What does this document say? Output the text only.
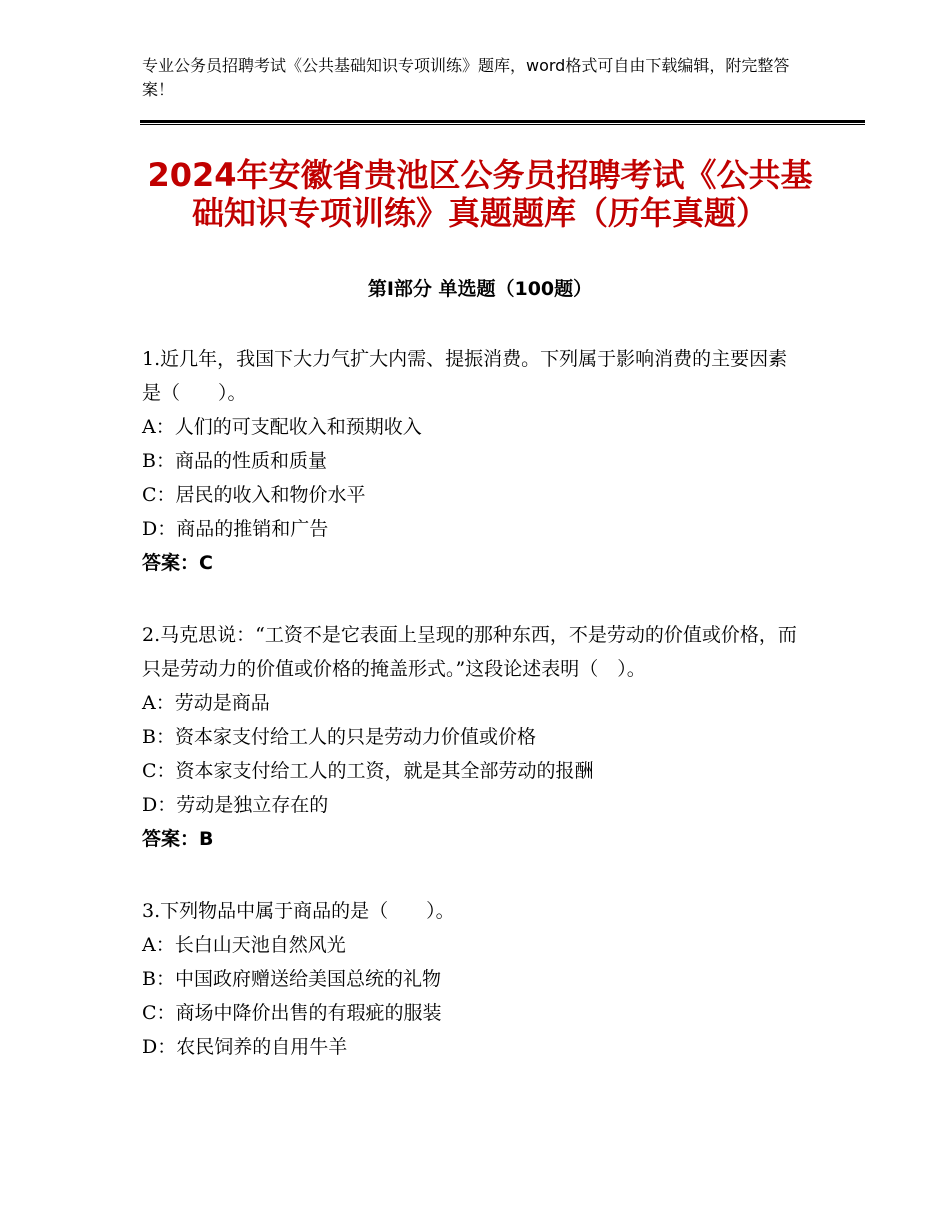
专业公务员招聘考试《公共基础知识专项训练》题库，word格式可自由下载编辑，附完整答案！
2024年安徽省贵池区公务员招聘考试《公共基础知识专项训练》真题题库（历年真题）
第Ⅰ部分 单选题（100题）

1.近几年，我国下大力气扩大内需、提振消费。下列属于影响消费的主要因素是（　　）。

A：人们的可支配收入和预期收入

B：商品的性质和质量

C：居民的收入和物价水平

D：商品的推销和广告

答案：C

2.马克思说：“工资不是它表面上呈现的那种东西，不是劳动的价值或价格，而只是劳动力的价值或价格的掩盖形式。”这段论述表明（　）。

A：劳动是商品

B：资本家支付给工人的只是劳动力价值或价格

C：资本家支付给工人的工资，就是其全部劳动的报酬

D：劳动是独立存在的

答案：B

3.下列物品中属于商品的是（　　）。

A：长白山天池自然风光

B：中国政府赠送给美国总统的礼物

C：商场中降价出售的有瑕疵的服装

D：农民饲养的自用牛羊
